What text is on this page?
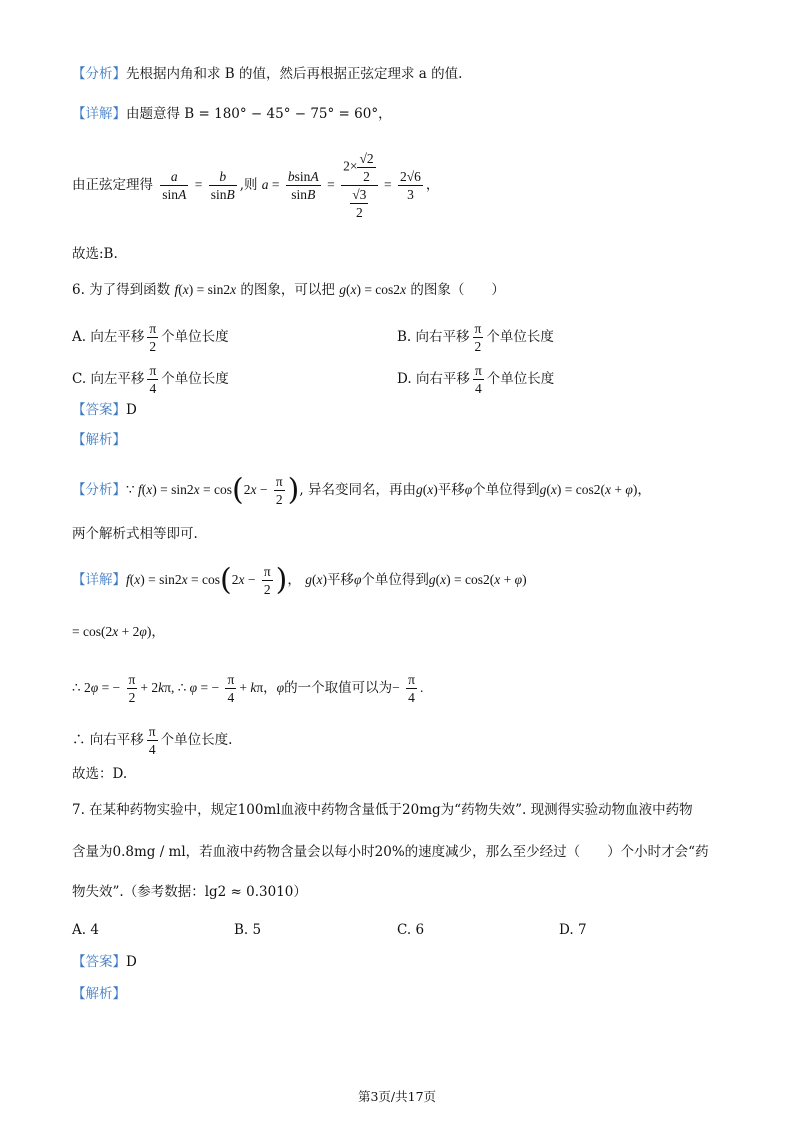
【分析】先根据内角和求 B 的值，然后再根据正弦定理求 a 的值.
【详解】由题意得 B = 180° − 45° − 75° = 60°，
由正弦定理得 $\frac{a}{\sin A} = \frac{b}{\sin B}$ ,则 $a = \frac{bsinA}{\sin B} = \frac{2\times \frac{√2}{2}}{\frac{√3}{2}} = \frac{2√6}{3}$ ，
故选:B.
6. 为了得到函数 f(x) = sin2x 的图象，可以把 g(x) = cos2x 的图象（　　）
A. 向左平移 $\frac{\pi}{2}$ 个单位长度	B. 向右平移 $\frac{\pi}{2}$ 个单位长度
C. 向左平移 $\frac{\pi}{4}$ 个单位长度	D. 向右平移 $\frac{\pi}{4}$ 个单位长度
【答案】D
【解析】
【分析】∵ $f(x) = \sin 2x = \cos(2x - \frac{\pi}{2}$ ), 异名变同名，再由g(x)平移φ个单位得到g(x) = cos2(x + φ)，
两个解析式相等即可.
【详解】$f(x) = \sin 2x = \cos(2x - \frac{\pi}{2}$ )， g(x)平移φ个单位得到g(x) = cos2(x + φ)
= cos(2x + 2φ)，
∴ 2φ = − $\frac{\pi}{2} + 2k\pi$, ∴ φ = − $\frac{\pi}{4} + k\pi$，φ的一个取值可以为− $\frac{\pi}{4}$ .
∴ 向右平移 $\frac{\pi}{4}$ 个单位长度.
故选：D.
7. 在某种药物实验中，规定100ml血液中药物含量低于20mg为“药物失效”. 现测得实验动物血液中药物
含量为0.8mg / ml，若血液中药物含量会以每小时20%的速度减少，那么至少经过（　　）个小时才会“药
物失效”.（参考数据：lg2 ≈ 0.3010）
A. 4	B. 5	C. 6	D. 7
【答案】D
【解析】
第3页/共17页
